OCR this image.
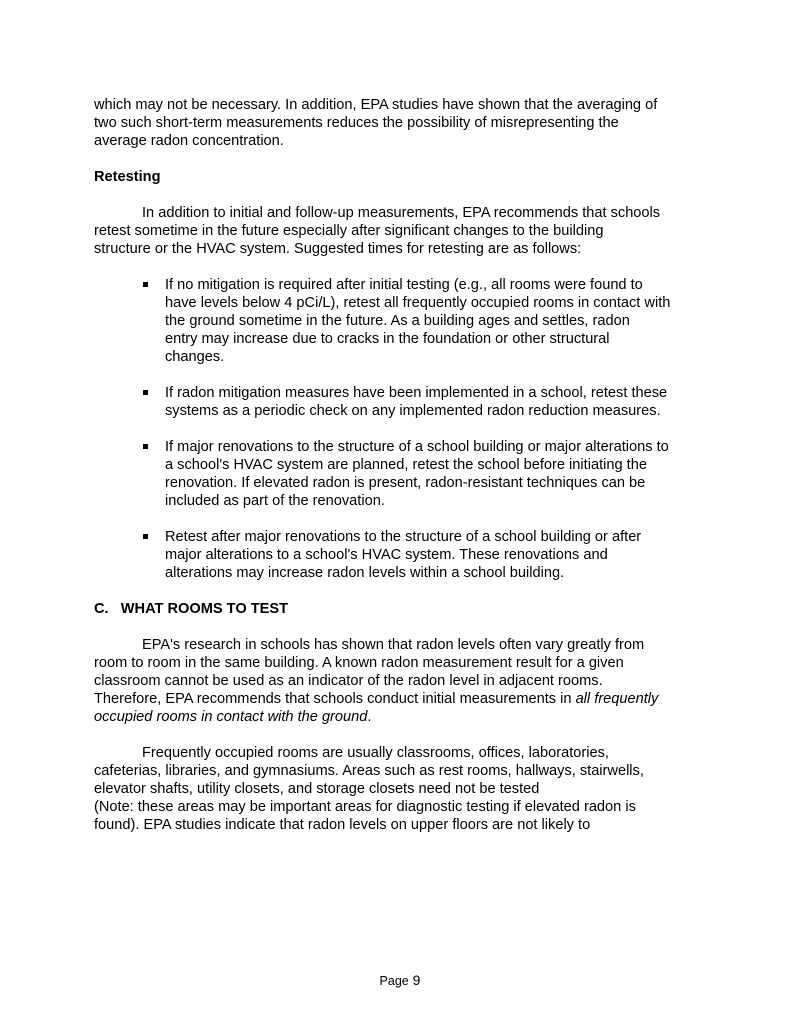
which may not be necessary. In addition, EPA studies have shown that the averaging of
two such short-term measurements reduces the possibility of misrepresenting the
average radon concentration.
Retesting
In addition to initial and follow-up measurements, EPA recommends that schools
retest sometime in the future especially after significant changes to the building
structure or the HVAC system. Suggested times for retesting are as follows:
If no mitigation is required after initial testing (e.g., all rooms were found to
have levels below 4 pCi/L), retest all frequently occupied rooms in contact with
the ground sometime in the future. As a building ages and settles, radon
entry may increase due to cracks in the foundation or other structural
changes.
If radon mitigation measures have been implemented in a school, retest these
systems as a periodic check on any implemented radon reduction measures.
If major renovations to the structure of a school building or major alterations to
a school's HVAC system are planned, retest the school before initiating the
renovation. If elevated radon is present, radon-resistant techniques can be
included as part of the renovation.
Retest after major renovations to the structure of a school building or after
major alterations to a school's HVAC system. These renovations and
alterations may increase radon levels within a school building.
C.   WHAT ROOMS TO TEST
EPA's research in schools has shown that radon levels often vary greatly from
room to room in the same building. A known radon measurement result for a given
classroom cannot be used as an indicator of the radon level in adjacent rooms.
Therefore, EPA recommends that schools conduct initial measurements in all frequently
occupied rooms in contact with the ground.
Frequently occupied rooms are usually classrooms, offices, laboratories,
cafeterias, libraries, and gymnasiums. Areas such as rest rooms, hallways, stairwells,
elevator shafts, utility closets, and storage closets need not be tested
(Note: these areas may be important areas for diagnostic testing if elevated radon is
found). EPA studies indicate that radon levels on upper floors are not likely to
Page 9
